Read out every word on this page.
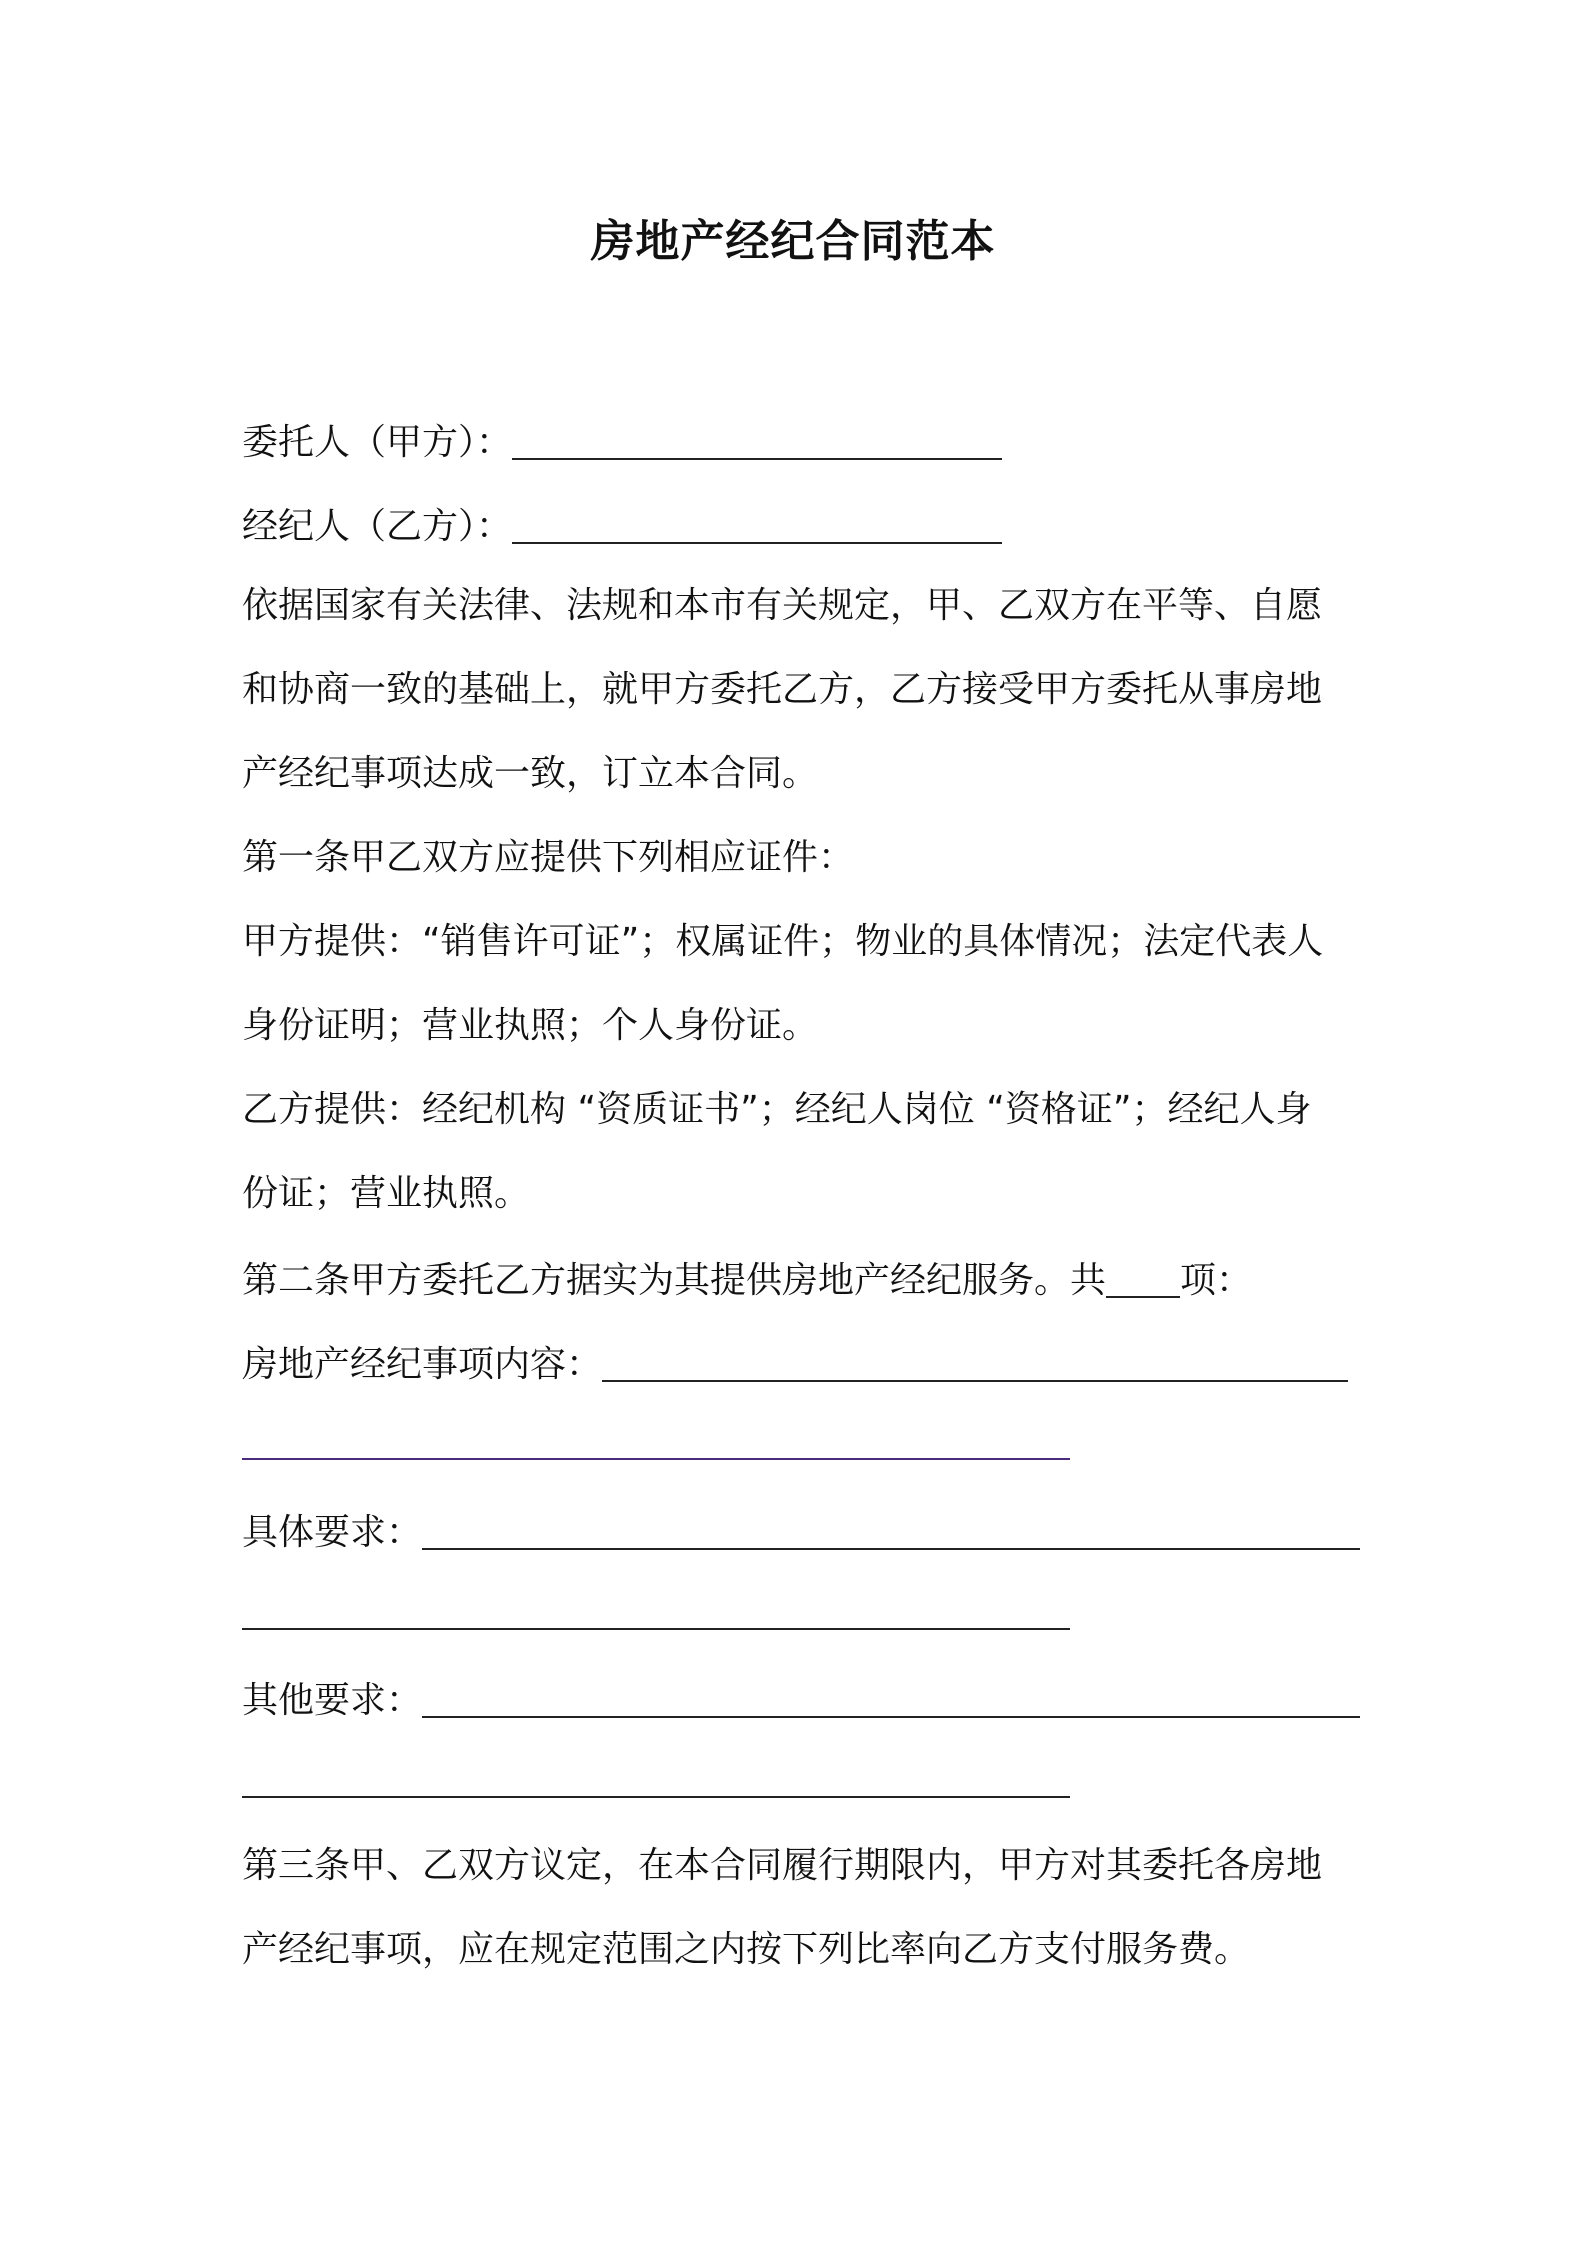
房地产经纪合同范本
委托人（甲方）：
经纪人（乙方）：
依据国家有关法律、法规和本市有关规定，甲、乙双方在平等、自愿
和协商一致的基础上，就甲方委托乙方，乙方接受甲方委托从事房地
产经纪事项达成一致，订立本合同。
第一条甲乙双方应提供下列相应证件：
甲方提供：“销售许可证”；权属证件；物业的具体情况；法定代表人
身份证明；营业执照；个人身份证。
乙方提供：经纪机构 “资质证书”；经纪人岗位 “资格证”；经纪人身
份证；营业执照。
第二条甲方委托乙方据实为其提供房地产经纪服务。共 项：
房地产经纪事项内容：
具体要求：
其他要求：
第三条甲、乙双方议定，在本合同履行期限内，甲方对其委托各房地
产经纪事项，应在规定范围之内按下列比率向乙方支付服务费。
